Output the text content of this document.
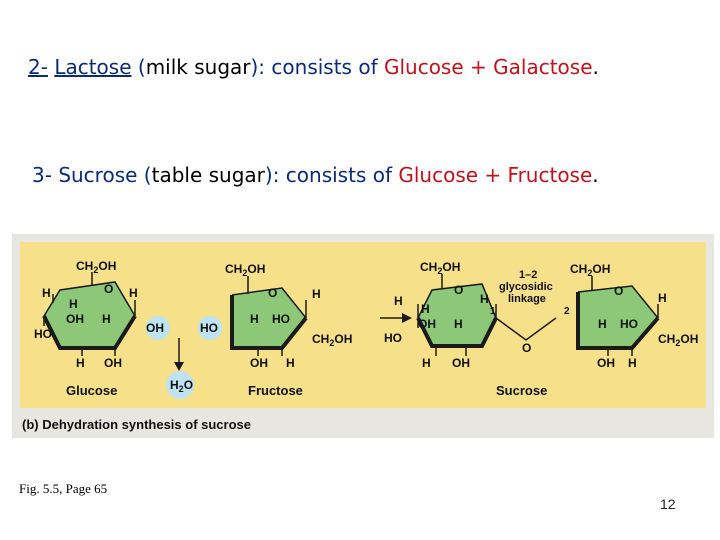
2- Lactose (milk sugar): consists of Glucose + Galactose.
3- Sucrose (table sugar): consists of Glucose + Fructose.
$CH_2OH$
O
H	H
H
OH H
HO
H OH
OH
$H_2O$
$CH_2OH$
O	H
HO
H HO
$CH_2OH$
OH H
$CH_2OH$
O
H	H
H
OH H
HO
H OH
1–2
glycosidic
linkage
1	2
O
$CH_2OH$
O	H
H HO
$CH_2OH$
OH H
Glucose	Fructose	Sucrose
(b) Dehydration synthesis of sucrose
Fig. 5.5, Page 65
12
